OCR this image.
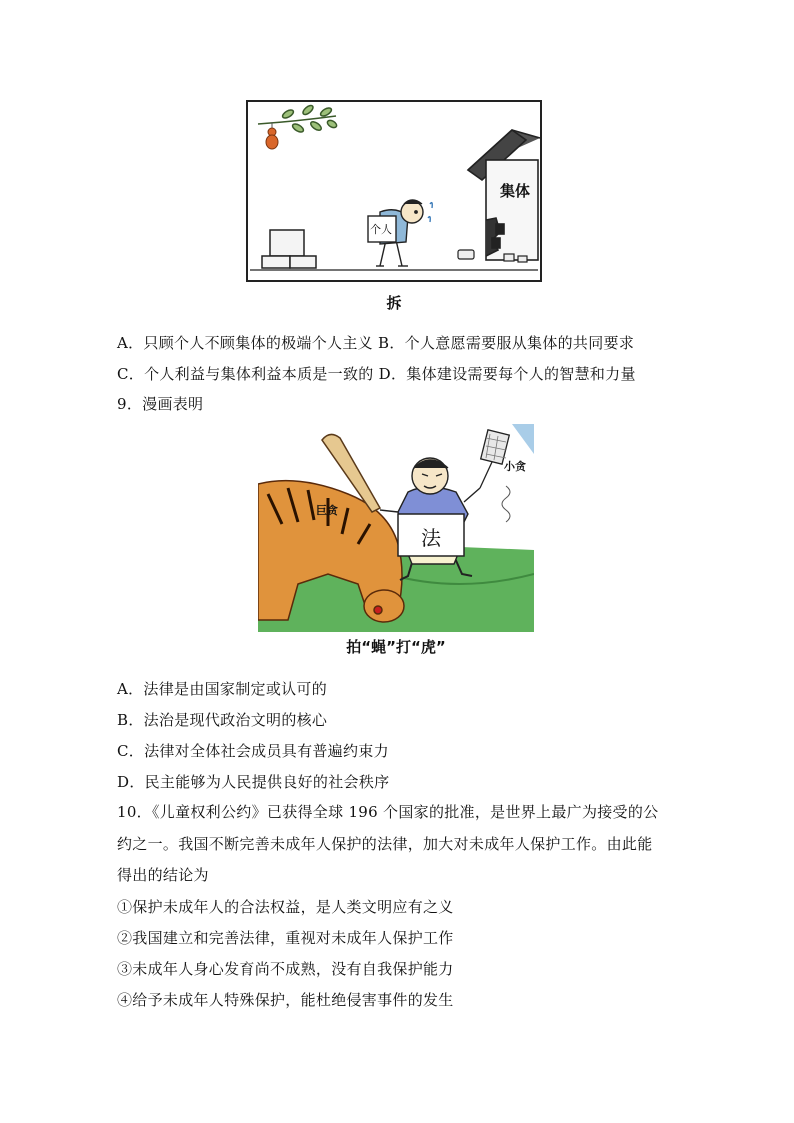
集体
个人
拆
A．只顾个人不顾集体的极端个人主义 B．个人意愿需要服从集体的共同要求
C．个人利益与集体利益本质是一致的 D．集体建设需要每个人的智慧和力量
9．漫画表明
巨贪
小贪
法
拍“蝇”打“虎”
A．法律是由国家制定或认可的
B．法治是现代政治文明的核心
C．法律对全体社会成员具有普遍约束力
D．民主能够为人民提供良好的社会秩序
10．《儿童权利公约》已获得全球 196 个国家的批准，是世界上最广为接受的公
约之一。我国不断完善未成年人保护的法律，加大对未成年人保护工作。由此能
得出的结论为
①保护未成年人的合法权益，是人类文明应有之义
②我国建立和完善法律，重视对未成年人保护工作
③未成年人身心发育尚不成熟，没有自我保护能力
④给予未成年人特殊保护，能杜绝侵害事件的发生
